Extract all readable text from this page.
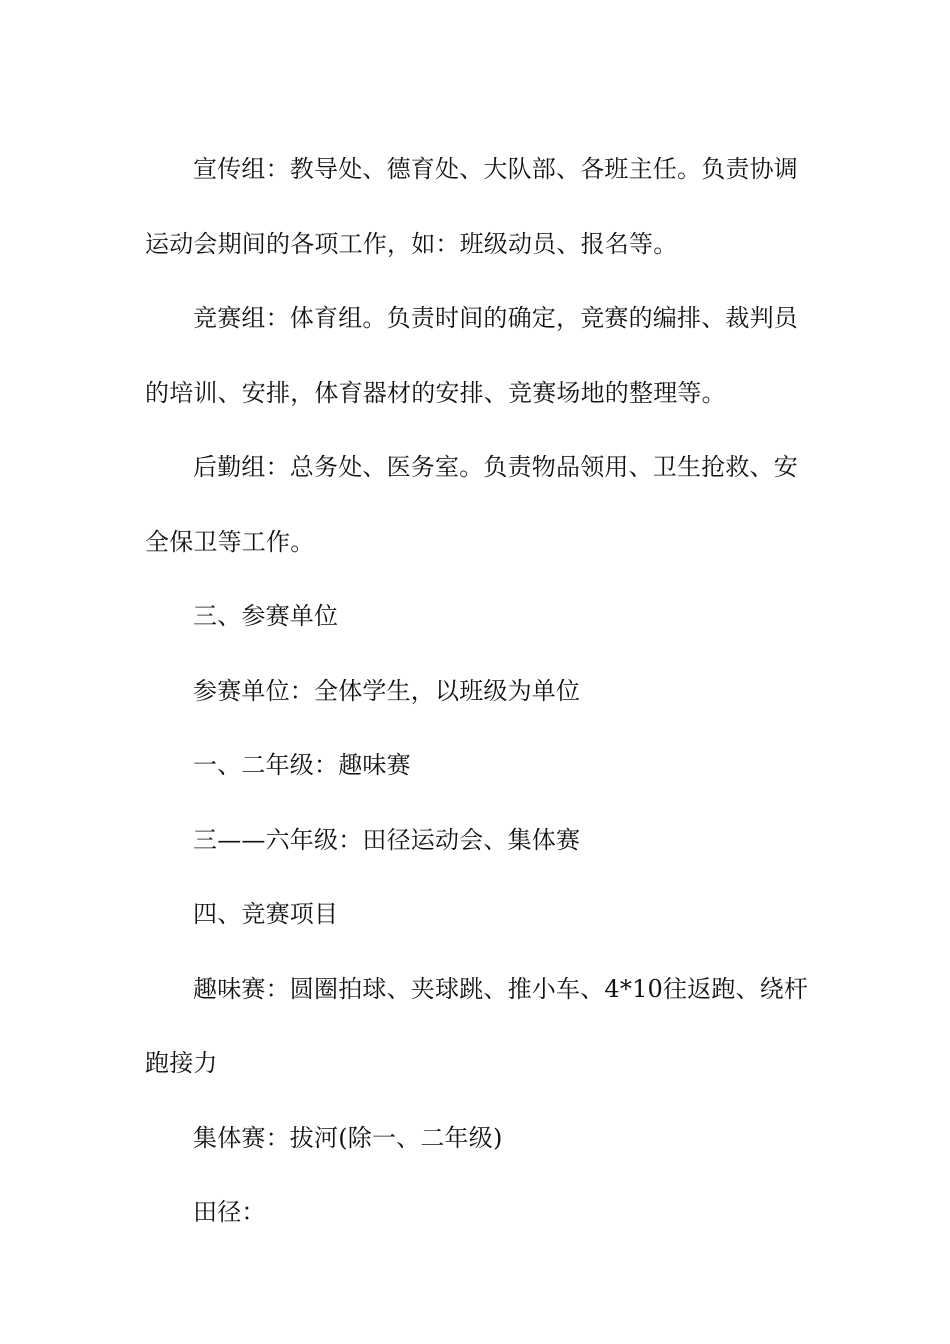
宣传组：教导处、德育处、大队部、各班主任。负责协调运动会期间的各项工作，如：班级动员、报名等。

竞赛组：体育组。负责时间的确定，竞赛的编排、裁判员的培训、安排，体育器材的安排、竞赛场地的整理等。

后勤组：总务处、医务室。负责物品领用、卫生抢救、安全保卫等工作。

三、参赛单位

参赛单位：全体学生，以班级为单位

一、二年级：趣味赛

三——六年级：田径运动会、集体赛

四、竞赛项目

趣味赛：圆圈拍球、夹球跳、推小车、4*10往返跑、绕杆跑接力

集体赛：拔河(除一、二年级)

田径：
